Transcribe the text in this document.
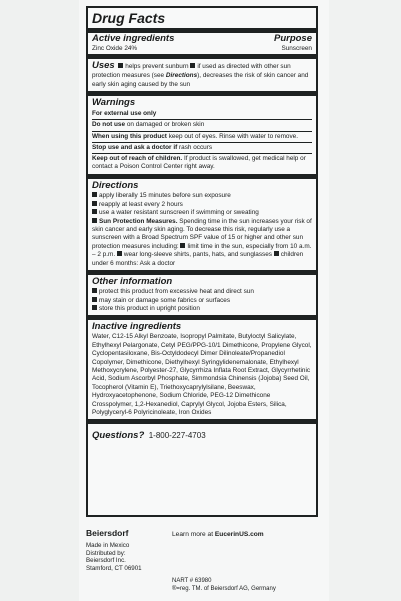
Drug Facts
Active ingredients	Purpose
Zinc Oxide 24%	Sunscreen
Uses helps prevent sunburn if used as directed with other sun protection measures (see Directions), decreases the risk of skin cancer and early skin aging caused by the sun
Warnings
For external use only
Do not use on damaged or broken skin
When using this product keep out of eyes. Rinse with water to remove.
Stop use and ask a doctor if rash occurs
Keep out of reach of children. If product is swallowed, get medical help or contact a Poison Control Center right away.
Directions
apply liberally 15 minutes before sun exposure
reapply at least every 2 hours
use a water resistant sunscreen if swimming or sweating
Sun Protection Measures. Spending time in the sun increases your risk of skin cancer and early skin aging. To decrease this risk, regularly use a sunscreen with a Broad Spectrum SPF value of 15 or higher and other sun protection measures including: limit time in the sun, especially from 10 a.m. – 2 p.m. wear long-sleeve shirts, pants, hats, and sunglasses children under 6 months: Ask a doctor
Other information
protect this product from excessive heat and direct sun
may stain or damage some fabrics or surfaces
store this product in upright position
Inactive ingredients
Water, C12-15 Alkyl Benzoate, Isopropyl Palmitate, Butyloctyl Salicylate, Ethylhexyl Pelargonate, Cetyl PEG/PPG-10/1 Dimethicone, Propylene Glycol, Cyclopentasiloxane, Bis-Octyldodecyl Dimer Dilinoleate/Propanediol Copolymer, Dimethicone, Diethylhexyl Syringylidenemalonate, Ethylhexyl Methoxycrylene, Polyester-27, Glycyrrhiza Inflata Root Extract, Glycyrrhetinic Acid, Sodium Ascorbyl Phosphate, Simmondsia Chinensis (Jojoba) Seed Oil, Tocopherol (Vitamin E), Triethoxycaprylylsilane, Beeswax, Hydroxyacetophenone, Sodium Chloride, PEG-12 Dimethicone Crosspolymer, 1,2-Hexanediol, Caprylyl Glycol, Jojoba Esters, Silica, Polyglyceryl-6 Polyricinoleate, Iron Oxides
Questions? 1-800-227-4703
Beiersdorf
Made in Mexico
Distributed by:
Beiersdorf Inc.
Stamford, CT 06901
Learn more at EucerinUS.com
NART # 63980
®=reg. TM. of Beiersdorf AG, Germany
